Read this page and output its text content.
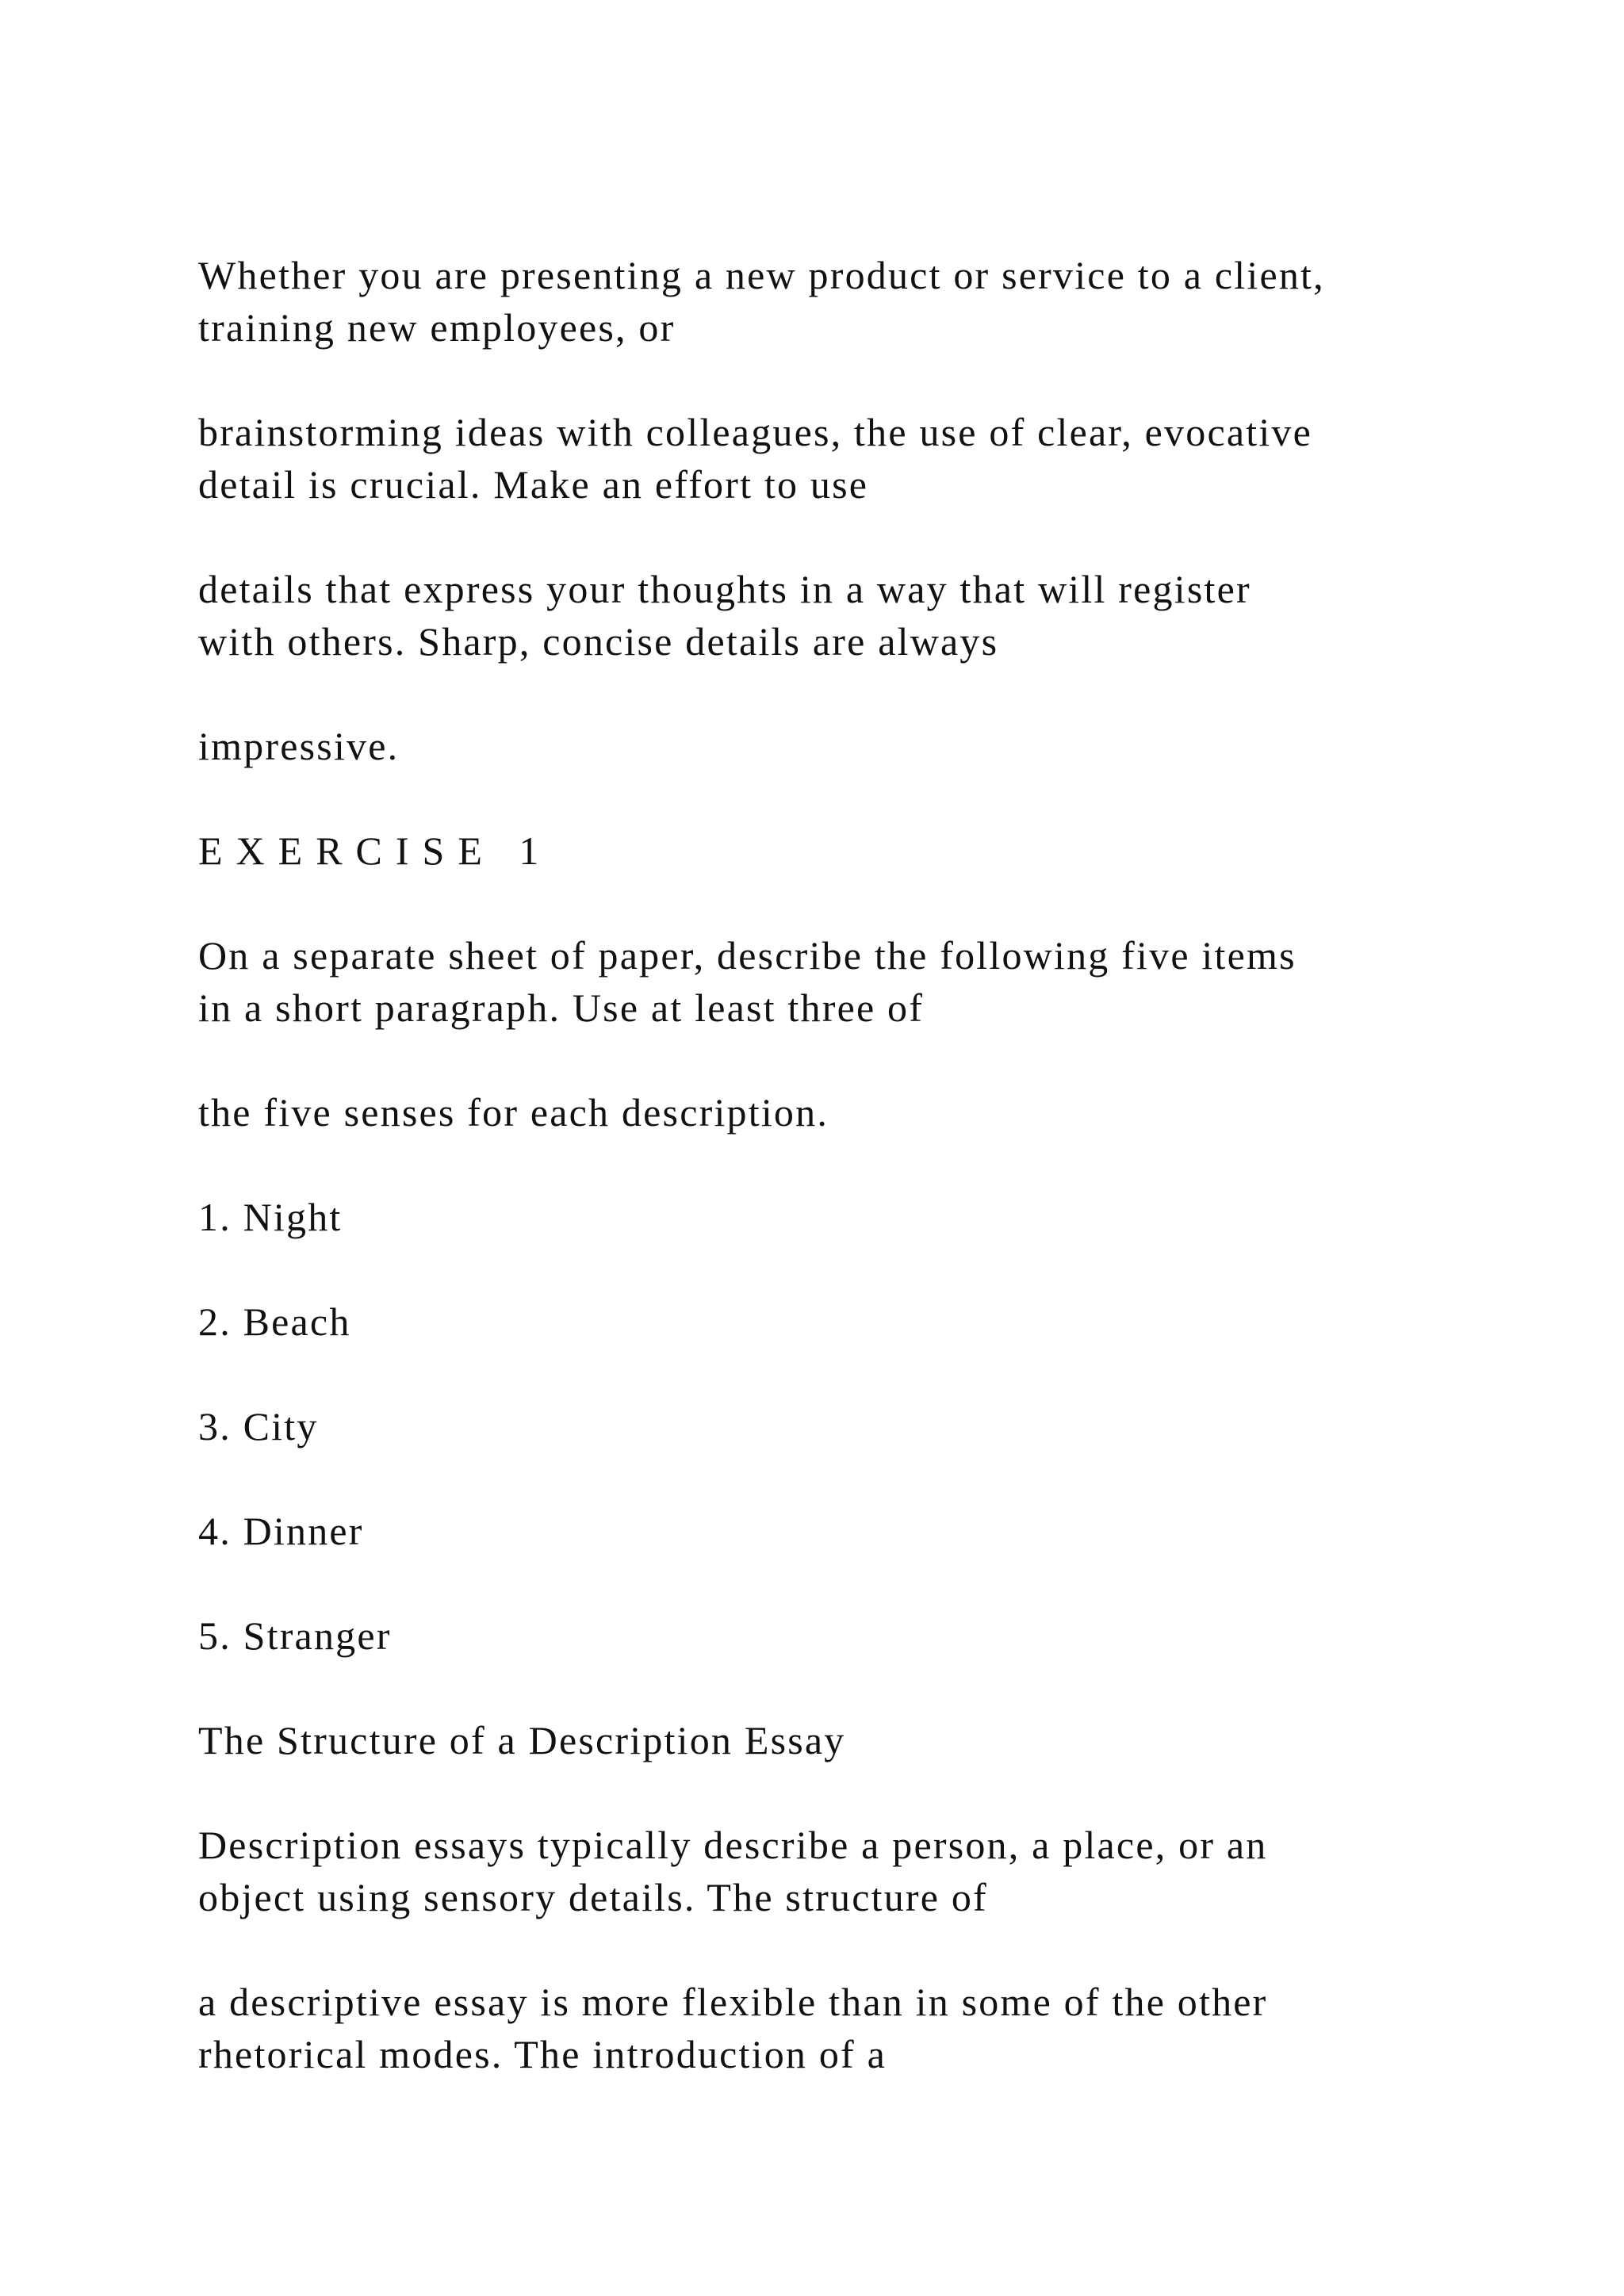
Whether you are presenting a new product or service to a client,
training new employees, or

brainstorming ideas with colleagues, the use of clear, evocative
detail is crucial. Make an effort to use

details that express your thoughts in a way that will register
with others. Sharp, concise details are always

impressive.

EXERCISE 1

On a separate sheet of paper, describe the following five items
in a short paragraph. Use at least three of

the five senses for each description.

1. Night

2. Beach

3. City

4. Dinner

5. Stranger

The Structure of a Description Essay

Description essays typically describe a person, a place, or an
object using sensory details. The structure of

a descriptive essay is more flexible than in some of the other
rhetorical modes. The introduction of a
